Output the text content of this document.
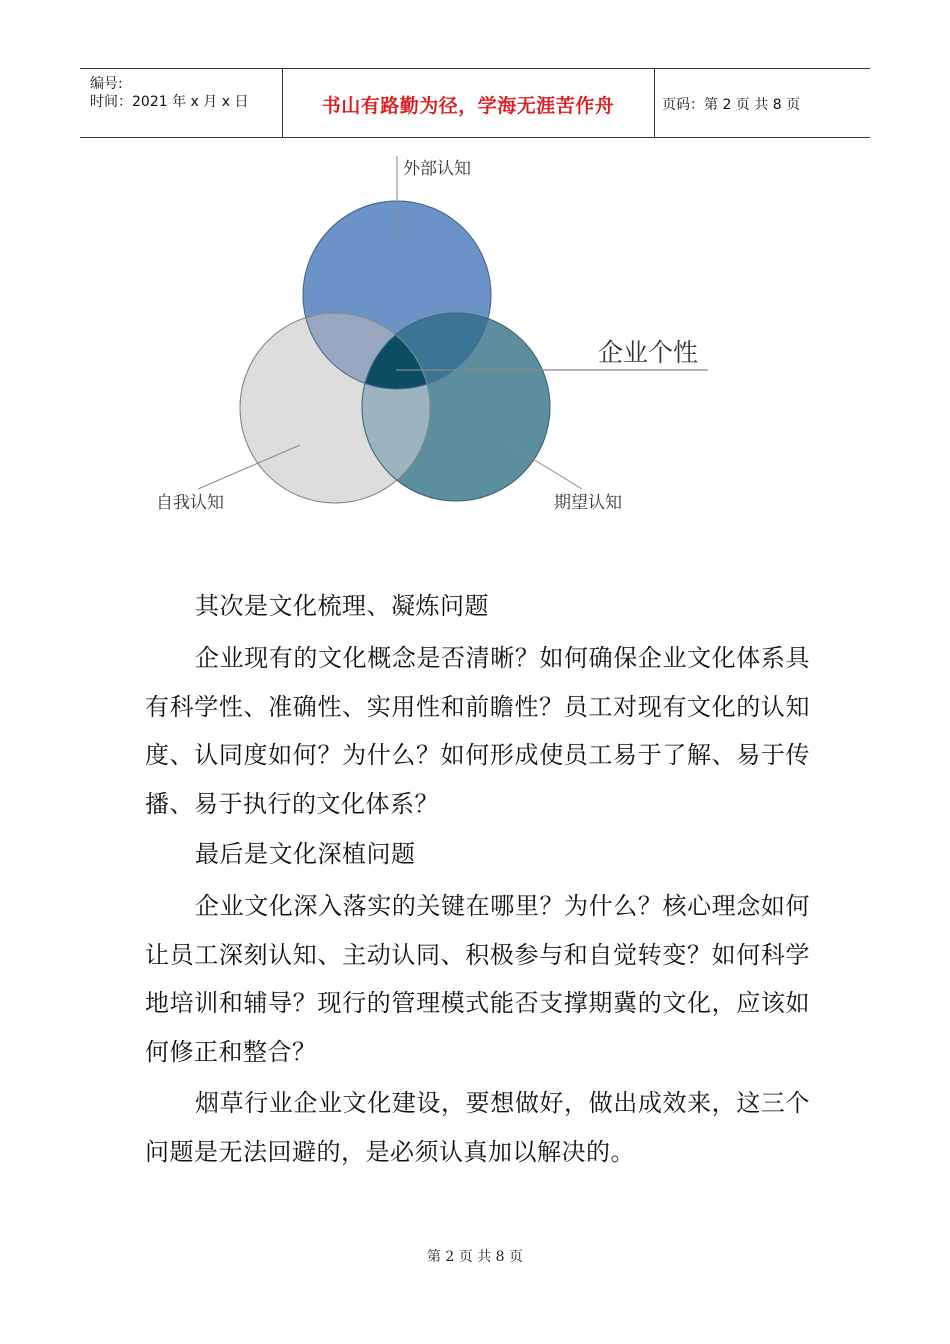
编号:
时间：2021 年 x 月 x 日	书山有路勤为径，学海无涯苦作舟	页码：第 2 页 共 8 页
外部认知
自我认知	期望认知
企业个性

其次是文化梳理、凝炼问题

企业现有的文化概念是否清晰？如何确保企业文化体系具有科学性、准确性、实用性和前瞻性？员工对现有文化的认知度、认同度如何？为什么？如何形成使员工易于了解、易于传播、易于执行的文化体系？

最后是文化深植问题

企业文化深入落实的关键在哪里？为什么？核心理念如何让员工深刻认知、主动认同、积极参与和自觉转变？如何科学地培训和辅导？现行的管理模式能否支撑期冀的文化，应该如何修正和整合？

烟草行业企业文化建设，要想做好，做出成效来，这三个问题是无法回避的，是必须认真加以解决的。

第 2 页 共 8 页
